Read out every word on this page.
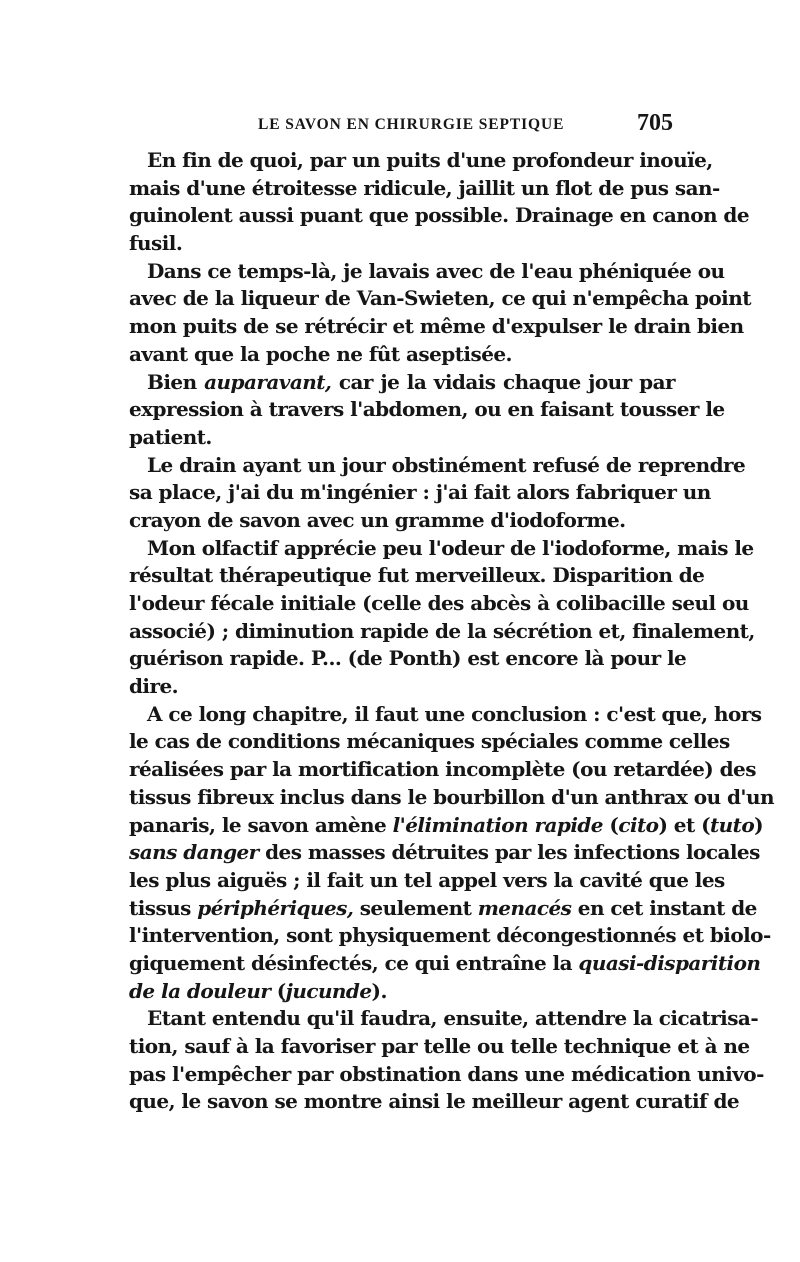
LE SAVON EN CHIRURGIE SEPTIQUE	705
En fin de quoi, par un puits d'une profondeur inouïe,
mais d'une étroitesse ridicule, jaillit un flot de pus san-
guinolent aussi puant que possible. Drainage en canon de
fusil.
Dans ce temps-là, je lavais avec de l'eau phéniquée ou
avec de la liqueur de Van-Swieten, ce qui n'empêcha point
mon puits de se rétrécir et même d'expulser le drain bien
avant que la poche ne fût aseptisée.
Bien auparavant, car je la vidais chaque jour par
expression à travers l'abdomen, ou en faisant tousser le
patient.
Le drain ayant un jour obstinément refusé de reprendre
sa place, j'ai du m'ingénier : j'ai fait alors fabriquer un
crayon de savon avec un gramme d'iodoforme.
Mon olfactif apprécie peu l'odeur de l'iodoforme, mais le
résultat thérapeutique fut merveilleux. Disparition de
l'odeur fécale initiale (celle des abcès à colibacille seul ou
associé) ; diminution rapide de la sécrétion et, finalement,
guérison rapide. P... (de Ponth) est encore là pour le
dire.
A ce long chapitre, il faut une conclusion : c'est que, hors
le cas de conditions mécaniques spéciales comme celles
réalisées par la mortification incomplète (ou retardée) des
tissus fibreux inclus dans le bourbillon d'un anthrax ou d'un
panaris, le savon amène l'élimination rapide (cito) et (tuto)
sans danger des masses détruites par les infections locales
les plus aiguës ; il fait un tel appel vers la cavité que les
tissus périphériques, seulement menacés en cet instant de
l'intervention, sont physiquement décongestionnés et biolo-
giquement désinfectés, ce qui entraîne la quasi-disparition
de la douleur (jucunde).
Etant entendu qu'il faudra, ensuite, attendre la cicatrisa-
tion, sauf à la favoriser par telle ou telle technique et à ne
pas l'empêcher par obstination dans une médication univo-
que, le savon se montre ainsi le meilleur agent curatif de
